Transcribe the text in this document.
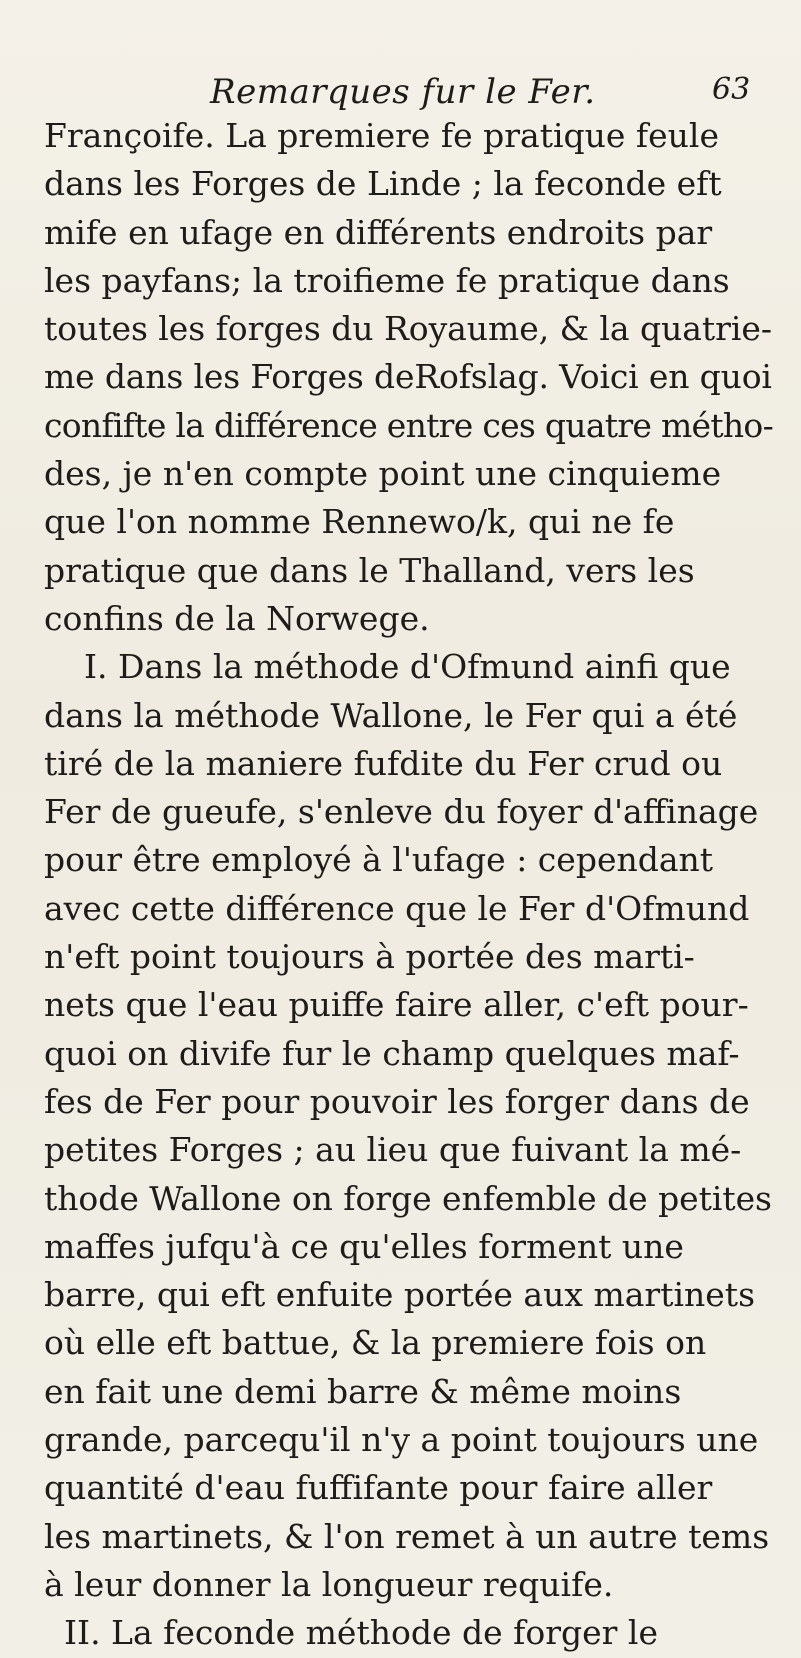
Remarques fur le Fer.	63
Françoife. La premiere fe pratique feule
dans les Forges de Linde ; la feconde eft
mife en ufage en différents endroits par
les payfans; la troifieme fe pratique dans
toutes les forges du Royaume, & la quatrie-
me dans les Forges deRofslag. Voici en quoi
confifte la différence entre ces quatre métho-
des, je n'en compte point une cinquieme
que l'on nomme Rennewo/k, qui ne fe
pratique que dans le Thalland, vers les
confins de la Norwege.
I. Dans la méthode d'Ofmund ainfi que
dans la méthode Wallone, le Fer qui a été
tiré de la maniere fufdite du Fer crud ou
Fer de gueufe, s'enleve du foyer d'affinage
pour être employé à l'ufage : cependant
avec cette différence que le Fer d'Ofmund
n'eft point toujours à portée des marti-
nets que l'eau puiffe faire aller, c'eft pour-
quoi on divife fur le champ quelques maf-
fes de Fer pour pouvoir les forger dans de
petites Forges ; au lieu que fuivant la mé-
thode Wallone on forge enfemble de petites
maffes jufqu'à ce qu'elles forment une
barre, qui eft enfuite portée aux martinets
où elle eft battue, & la premiere fois on
en fait une demi barre & même moins
grande, parcequ'il n'y a point toujours une
quantité d'eau fuffifante pour faire aller
les martinets, & l'on remet à un autre tems
à leur donner la longueur requife.
II. La feconde méthode de forger le
